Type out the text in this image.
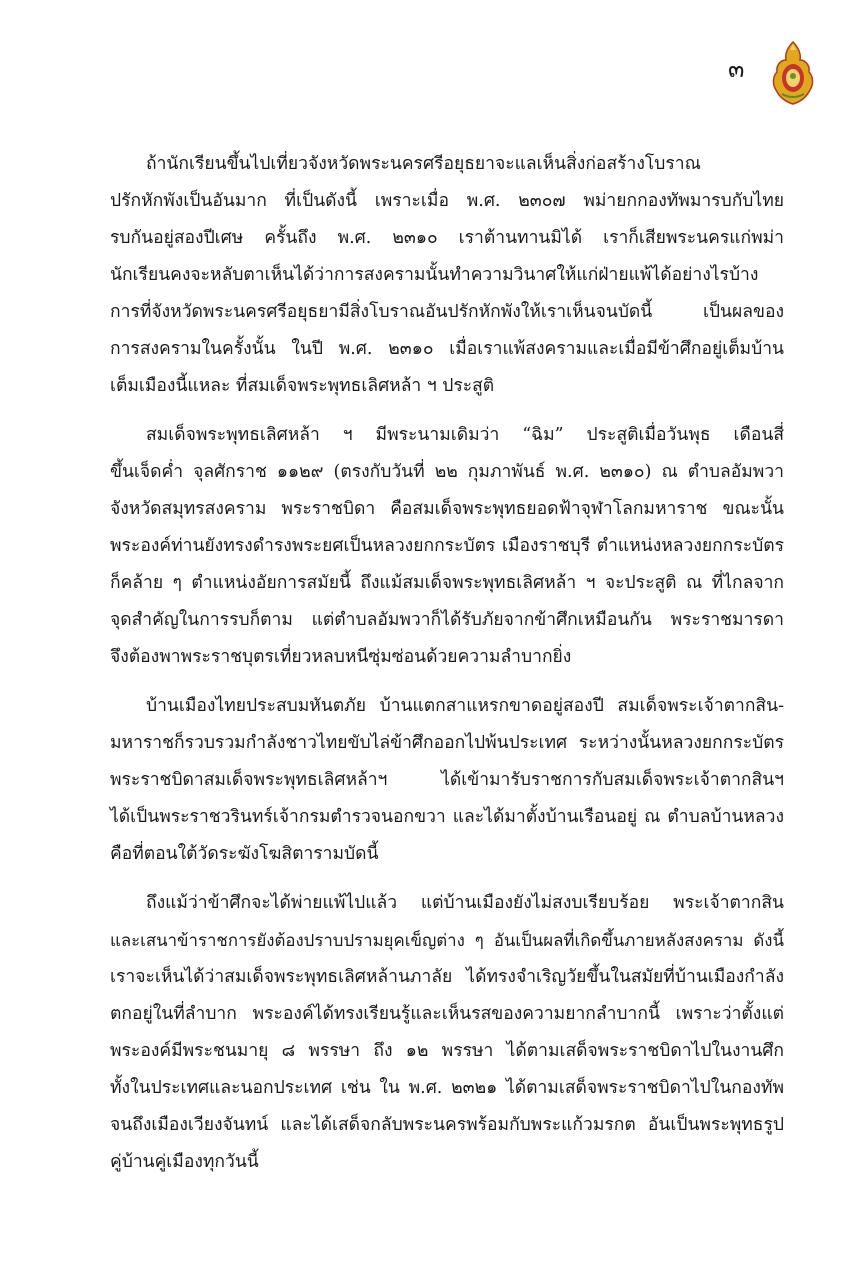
๓

ถ้านักเรียนขึ้นไปเที่ยวจังหวัดพระนครศรีอยุธยาจะแลเห็นสิ่งก่อสร้างโบราณ
ปรักหักพังเป็นอันมาก ที่เป็นดังนี้ เพราะเมื่อ พ.ศ. ๒๓๐๗ พม่ายกกองทัพมารบกับไทย
รบกันอยู่สองปีเศษ ครั้นถึง พ.ศ. ๒๓๑๐ เราต้านทานมิได้ เราก็เสียพระนครแก่พม่า
นักเรียนคงจะหลับตาเห็นได้ว่าการสงครามนั้นทำความวินาศให้แก่ฝ่ายแพ้ได้อย่างไรบ้าง
การที่จังหวัดพระนครศรีอยุธยามีสิ่งโบราณอันปรักหักพังให้เราเห็นจนบัดนี้ เป็นผลของ
การสงครามในครั้งนั้น ในปี พ.ศ. ๒๓๑๐ เมื่อเราแพ้สงครามและเมื่อมีข้าศึกอยู่เต็มบ้าน
เต็มเมืองนี้แหละ ที่สมเด็จพระพุทธเลิศหล้า ฯ ประสูติ

สมเด็จพระพุทธเลิศหล้า ฯ มีพระนามเดิมว่า “ฉิม” ประสูติเมื่อวันพุธ เดือนสี่
ขึ้นเจ็ดค่ำ จุลศักราช ๑๑๒๙ (ตรงกับวันที่ ๒๒ กุมภาพันธ์ พ.ศ. ๒๓๑๐) ณ ตำบลอัมพวา
จังหวัดสมุทรสงคราม พระราชบิดา คือสมเด็จพระพุทธยอดฟ้าจุฬาโลกมหาราช ขณะนั้น
พระองค์ท่านยังทรงดำรงพระยศเป็นหลวงยกกระบัตร เมืองราชบุรี ตำแหน่งหลวงยกกระบัตร
ก็คล้าย ๆ ตำแหน่งอัยการสมัยนี้ ถึงแม้สมเด็จพระพุทธเลิศหล้า ฯ จะประสูติ ณ ที่ไกลจาก
จุดสำคัญในการรบก็ตาม แต่ตำบลอัมพวาก็ได้รับภัยจากข้าศึกเหมือนกัน พระราชมารดา
จึงต้องพาพระราชบุตรเที่ยวหลบหนีซุ่มซ่อนด้วยความลำบากยิ่ง

บ้านเมืองไทยประสบมหันตภัย บ้านแตกสาแหรกขาดอยู่สองปี สมเด็จพระเจ้าตากสิน-
มหาราชก็รวบรวมกำลังชาวไทยขับไล่ข้าศึกออกไปพ้นประเทศ ระหว่างนั้นหลวงยกกระบัตร
พระราชบิดาสมเด็จพระพุทธเลิศหล้าฯ ได้เข้ามารับราชการกับสมเด็จพระเจ้าตากสินฯ
ได้เป็นพระราชวรินทร์เจ้ากรมตำรวจนอกขวา และได้มาตั้งบ้านเรือนอยู่ ณ ตำบลบ้านหลวง
คือที่ตอนใต้วัดระฆังโฆสิตารามบัดนี้

ถึงแม้ว่าข้าศึกจะได้พ่ายแพ้ไปแล้ว แต่บ้านเมืองยังไม่สงบเรียบร้อย พระเจ้าตากสิน
และเสนาข้าราชการยังต้องปราบปรามยุคเข็ญต่าง ๆ อันเป็นผลที่เกิดขึ้นภายหลังสงคราม ดังนี้
เราจะเห็นได้ว่าสมเด็จพระพุทธเลิศหล้านภาลัย ได้ทรงจำเริญวัยขึ้นในสมัยที่บ้านเมืองกำลัง
ตกอยู่ในที่ลำบาก พระองค์ได้ทรงเรียนรู้และเห็นรสของความยากลำบากนี้ เพราะว่าตั้งแต่
พระองค์มีพระชนมายุ ๘ พรรษา ถึง ๑๒ พรรษา ได้ตามเสด็จพระราชบิดาไปในงานศึก
ทั้งในประเทศและนอกประเทศ เช่น ใน พ.ศ. ๒๓๒๑ ได้ตามเสด็จพระราชบิดาไปในกองทัพ
จนถึงเมืองเวียงจันทน์ และได้เสด็จกลับพระนครพร้อมกับพระแก้วมรกต อันเป็นพระพุทธรูป
คู่บ้านคู่เมืองทุกวันนี้
